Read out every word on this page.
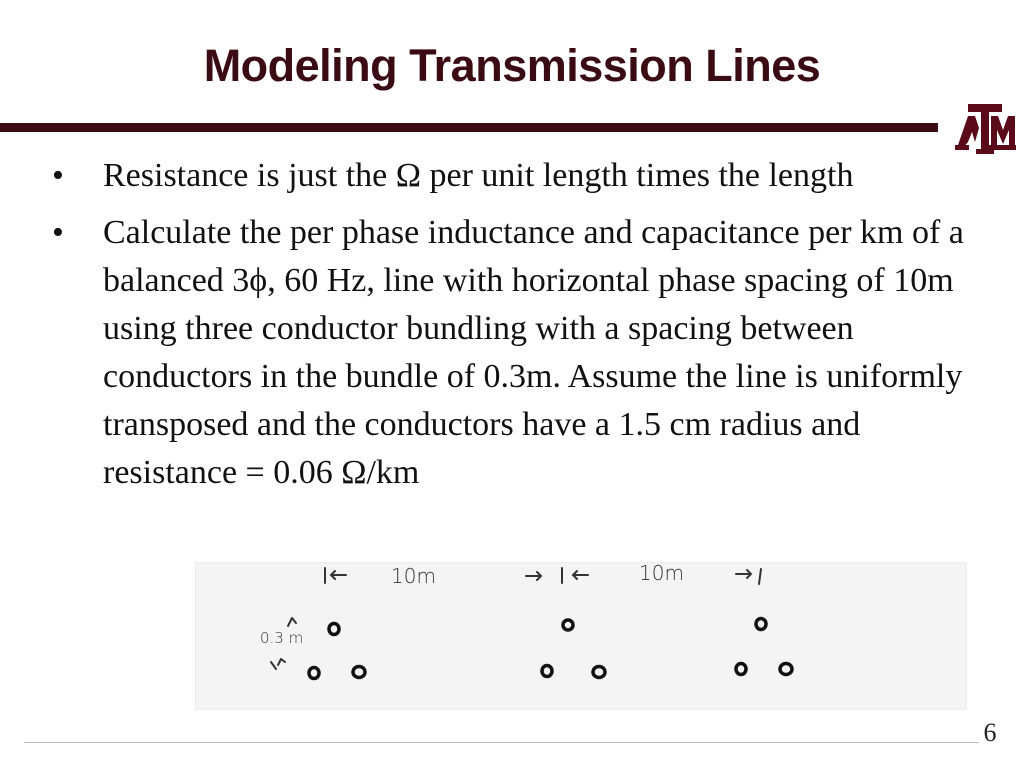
Modeling Transmission Lines
• Resistance is just the Ω per unit length times the length
• Calculate the per phase inductance and capacitance per km of a balanced 3ϕ, 60 Hz, line with horizontal phase spacing of 10m using three conductor bundling with a spacing between conductors in the bundle of 0.3m. Assume the line is uniformly transposed and the conductors have a 1.5 cm radius and resistance = 0.06 Ω/km
10m	10m
0.3 m
6
